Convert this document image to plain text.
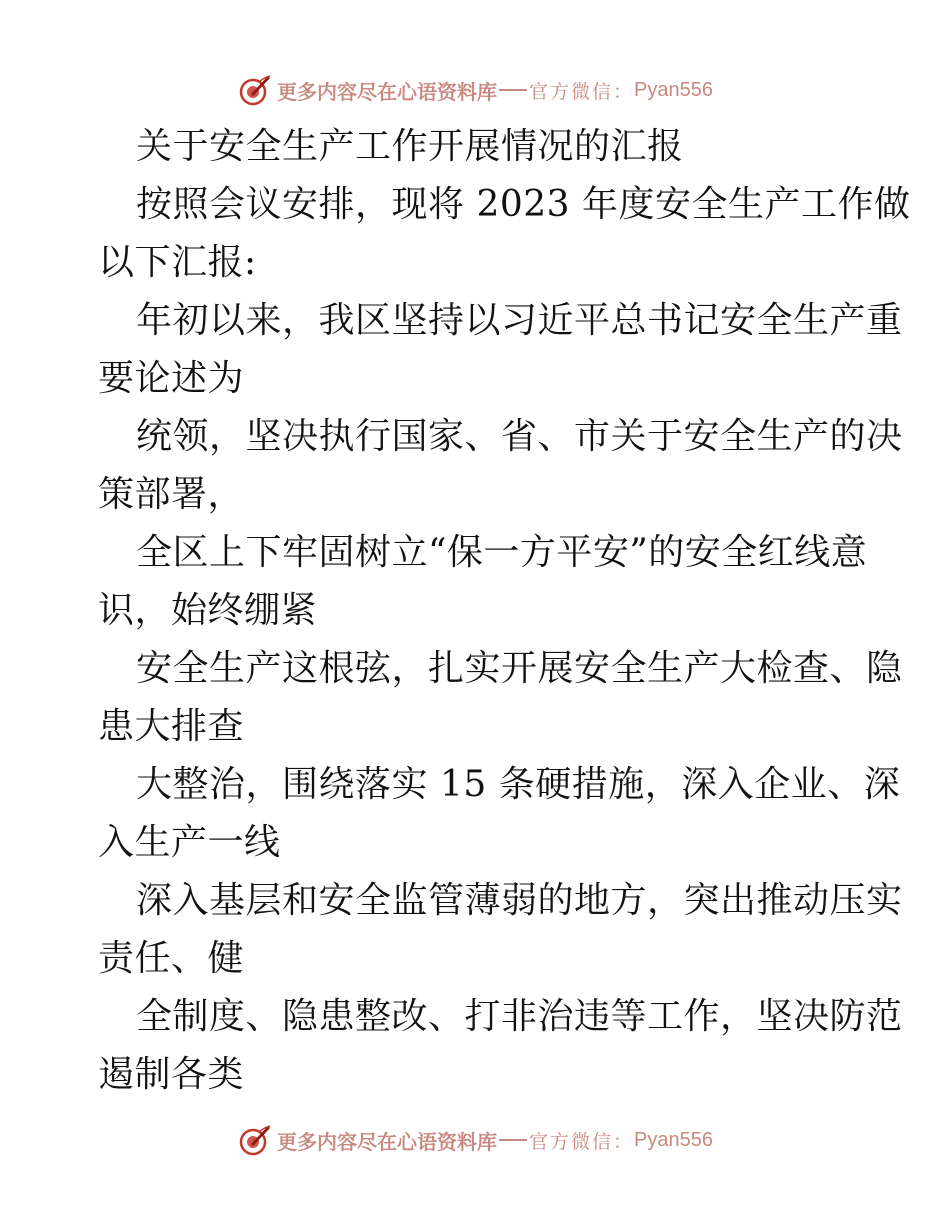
更多内容尽在心语资料库 官方微信： Pyan556
关于安全生产工作开展情况的汇报
按照会议安排，现将 2023 年度安全生产工作做
以下汇报:
年初以来，我区坚持以习近平总书记安全生产重
要论述为
统领，坚决执行国家、省、市关于安全生产的决
策部署，
全区上下牢固树立“保一方平安”的安全红线意
识，始终绷紧
安全生产这根弦，扎实开展安全生产大检查、隐
患大排查
大整治，围绕落实 15 条硬措施，深入企业、深
入生产一线
深入基层和安全监管薄弱的地方，突出推动压实
责任、健
全制度、隐患整改、打非治违等工作，坚决防范
遏制各类
更多内容尽在心语资料库 官方微信： Pyan556
